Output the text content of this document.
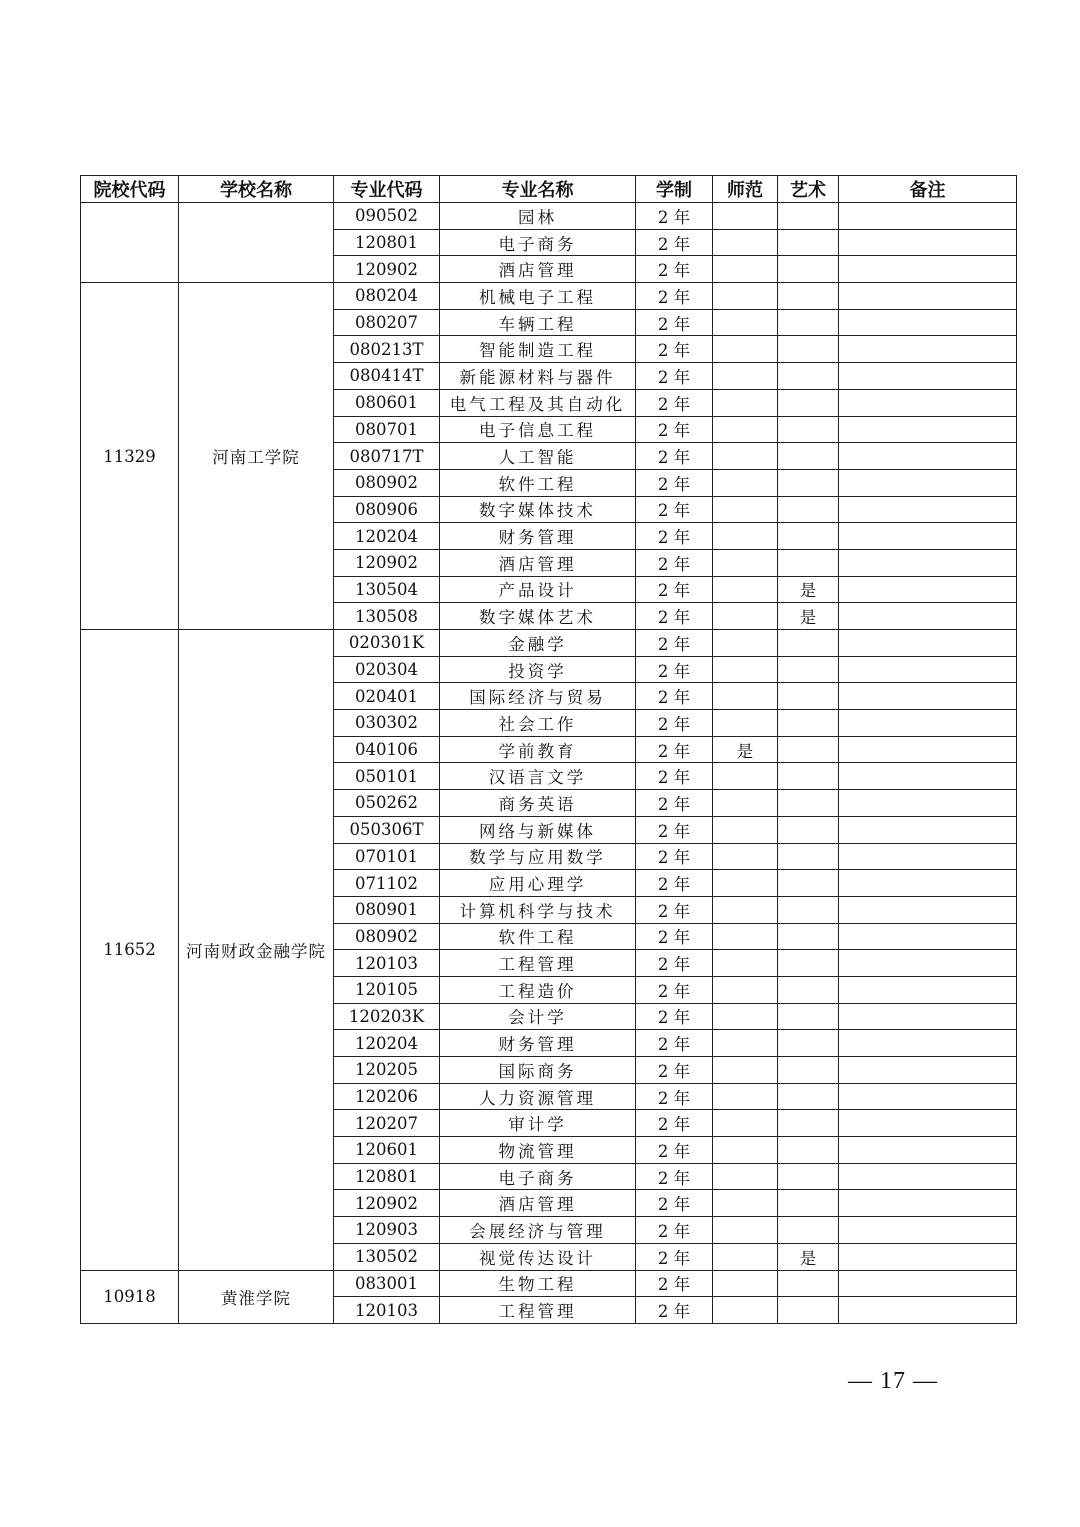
院校代码	学校名称	专业代码	专业名称	学制	师范	艺术	备注
		090502	园林	2 年			
		120801	电子商务	2 年			
		120902	酒店管理	2 年			
11329	河南工学院	080204	机械电子工程	2 年			
		080207	车辆工程	2 年			
		080213T	智能制造工程	2 年			
		080414T	新能源材料与器件	2 年			
		080601	电气工程及其自动化	2 年			
		080701	电子信息工程	2 年			
		080717T	人工智能	2 年			
		080902	软件工程	2 年			
		080906	数字媒体技术	2 年			
		120204	财务管理	2 年			
		120902	酒店管理	2 年			
		130504	产品设计	2 年		是	
		130508	数字媒体艺术	2 年		是	
11652	河南财政金融学院	020301K	金融学	2 年			
		020304	投资学	2 年			
		020401	国际经济与贸易	2 年			
		030302	社会工作	2 年			
		040106	学前教育	2 年	是		
		050101	汉语言文学	2 年			
		050262	商务英语	2 年			
		050306T	网络与新媒体	2 年			
		070101	数学与应用数学	2 年			
		071102	应用心理学	2 年			
		080901	计算机科学与技术	2 年			
		080902	软件工程	2 年			
		120103	工程管理	2 年			
		120105	工程造价	2 年			
		120203K	会计学	2 年			
		120204	财务管理	2 年			
		120205	国际商务	2 年			
		120206	人力资源管理	2 年			
		120207	审计学	2 年			
		120601	物流管理	2 年			
		120801	电子商务	2 年			
		120902	酒店管理	2 年			
		120903	会展经济与管理	2 年			
		130502	视觉传达设计	2 年		是	
10918	黄淮学院	083001	生物工程	2 年			
		120103	工程管理	2 年			
— 17 —
